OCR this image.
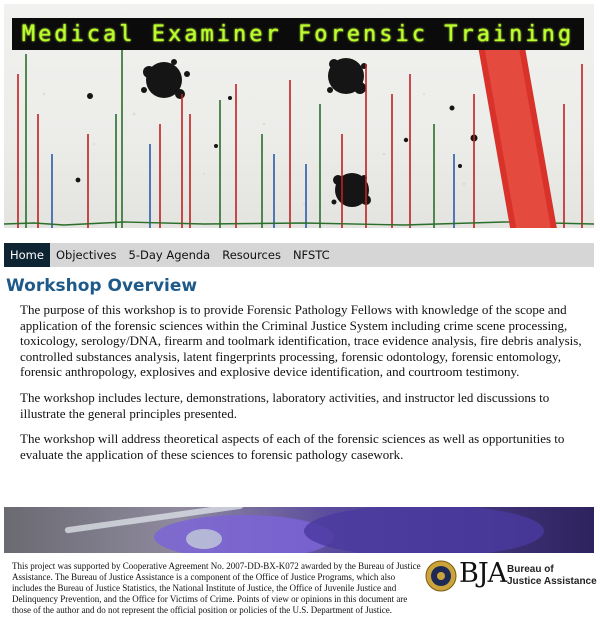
Medical Examiner Forensic Training
Home	Objectives	5-Day Agenda	Resources	NFSTC
Workshop Overview

The purpose of this workshop is to provide Forensic Pathology Fellows with knowledge of the scope and application of the forensic sciences within the Criminal Justice System including crime scene processing, toxicology, serology/DNA, firearm and toolmark identification, trace evidence analysis, fire debris analysis, controlled substances analysis, latent fingerprints processing, forensic odontology, forensic entomology, forensic anthropology, explosives and explosive device identification, and courtroom testimony.

The workshop includes lecture, demonstrations, laboratory activities, and instructor led discussions to illustrate the general principles presented.

The workshop will address theoretical aspects of each of the forensic sciences as well as opportunities to evaluate the application of these sciences to forensic pathology casework.

This project was supported by Cooperative Agreement No. 2007-DD-BX-K072 awarded by the Bureau of Justice Assistance. The Bureau of Justice Assistance is a component of the Office of Justice Programs, which also includes the Bureau of Justice Statistics, the National Institute of Justice, the Office of Juvenile Justice and Delinquency Prevention, and the Office for Victims of Crime. Points of view or opinions in this document are those of the author and do not represent the official position or policies of the U.S. Department of Justice.
BJA Bureau of
Justice Assistance
